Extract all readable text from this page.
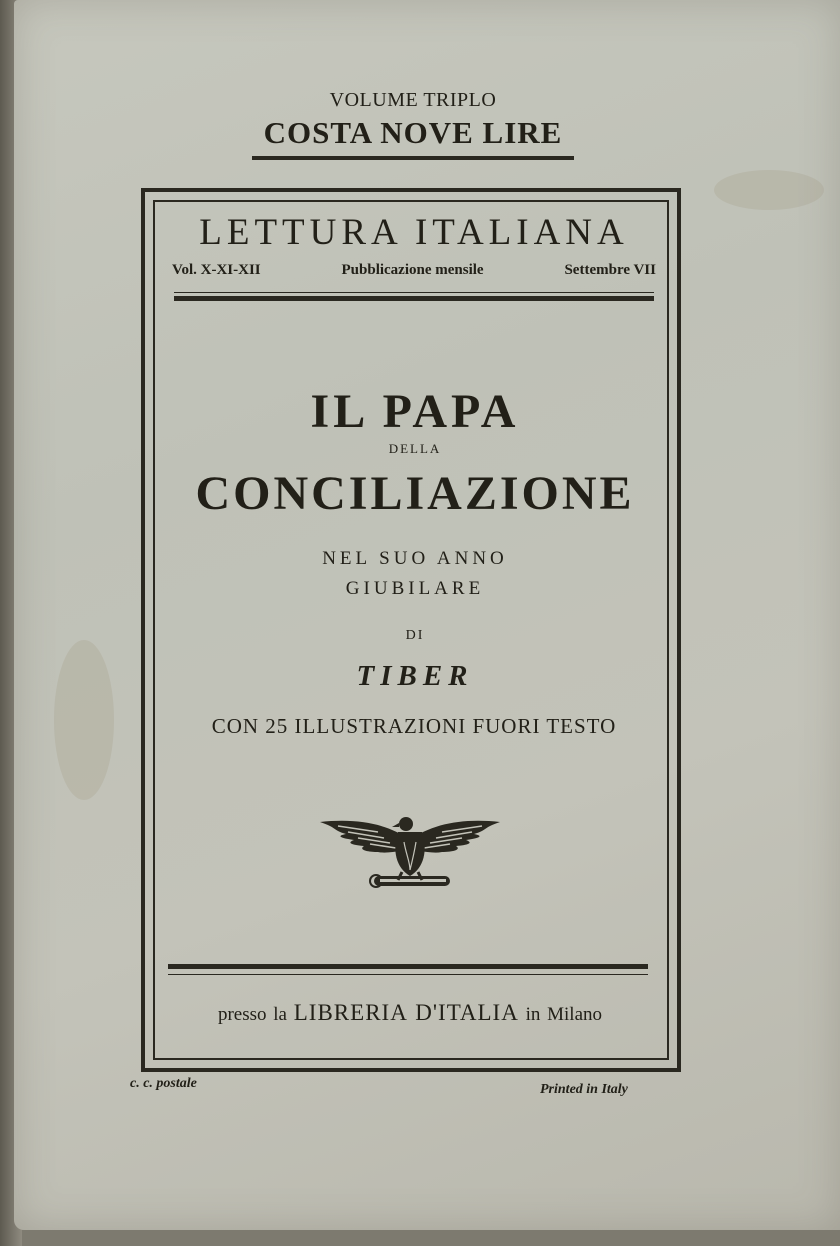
VOLUME TRIPLO
COSTA NOVE LIRE
LETTURA ITALIANA
Vol. X-XI-XII	Pubblicazione mensile	Settembre VII
IL PAPA
DELLA
CONCILIAZIONE
NEL SUO ANNO
GIUBILARE
DI
TIBER
CON 25 ILLUSTRAZIONI FUORI TESTO
presso la LIBRERIA D'ITALIA in Milano
c. c. postale	Printed in Italy
